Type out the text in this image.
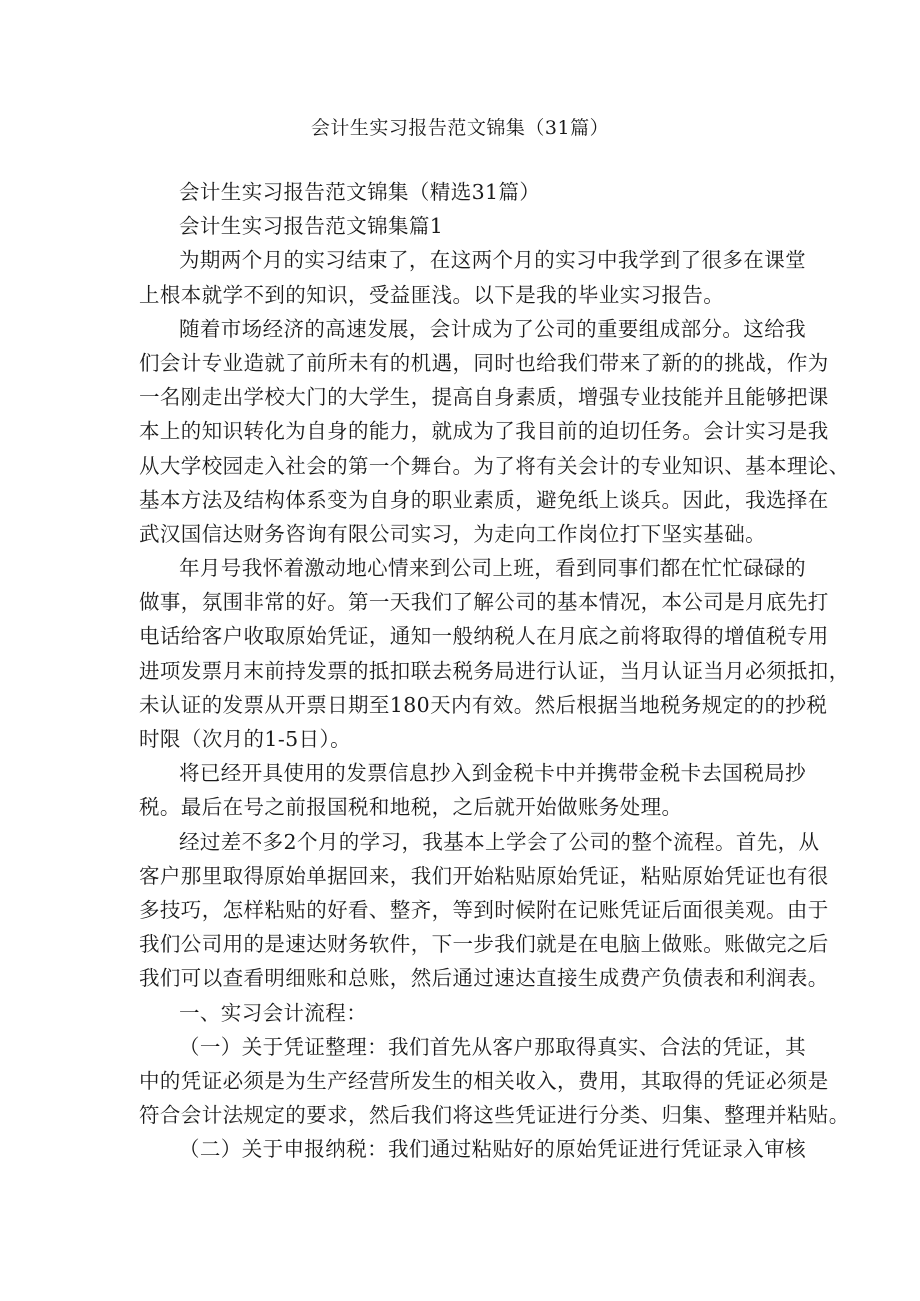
会计生实习报告范文锦集（31篇）
会计生实习报告范文锦集（精选31篇）
会计生实习报告范文锦集篇1
为期两个月的实习结束了，在这两个月的实习中我学到了很多在课堂
上根本就学不到的知识，受益匪浅。以下是我的毕业实习报告。
随着市场经济的高速发展，会计成为了公司的重要组成部分。这给我
们会计专业造就了前所未有的机遇，同时也给我们带来了新的的挑战，作为
一名刚走出学校大门的大学生，提高自身素质，增强专业技能并且能够把课
本上的知识转化为自身的能力，就成为了我目前的迫切任务。会计实习是我
从大学校园走入社会的第一个舞台。为了将有关会计的专业知识、基本理论、
基本方法及结构体系变为自身的职业素质，避免纸上谈兵。因此，我选择在
武汉国信达财务咨询有限公司实习，为走向工作岗位打下坚实基础。
年月号我怀着激动地心情来到公司上班，看到同事们都在忙忙碌碌的
做事，氛围非常的好。第一天我们了解公司的基本情况，本公司是月底先打
电话给客户收取原始凭证，通知一般纳税人在月底之前将取得的增值税专用
进项发票月末前持发票的抵扣联去税务局进行认证，当月认证当月必须抵扣，
未认证的发票从开票日期至180天内有效。然后根据当地税务规定的的抄税
时限（次月的1-5日）。
将已经开具使用的发票信息抄入到金税卡中并携带金税卡去国税局抄
税。最后在号之前报国税和地税，之后就开始做账务处理。
经过差不多2个月的学习，我基本上学会了公司的整个流程。首先，从
客户那里取得原始单据回来，我们开始粘贴原始凭证，粘贴原始凭证也有很
多技巧，怎样粘贴的好看、整齐，等到时候附在记账凭证后面很美观。由于
我们公司用的是速达财务软件，下一步我们就是在电脑上做账。账做完之后
我们可以查看明细账和总账，然后通过速达直接生成费产负债表和利润表。
一、实习会计流程：
（一）关于凭证整理：我们首先从客户那取得真实、合法的凭证，其
中的凭证必须是为生产经营所发生的相关收入，费用，其取得的凭证必须是
符合会计法规定的要求，然后我们将这些凭证进行分类、归集、整理并粘贴。
（二）关于申报纳税：我们通过粘贴好的原始凭证进行凭证录入审核
